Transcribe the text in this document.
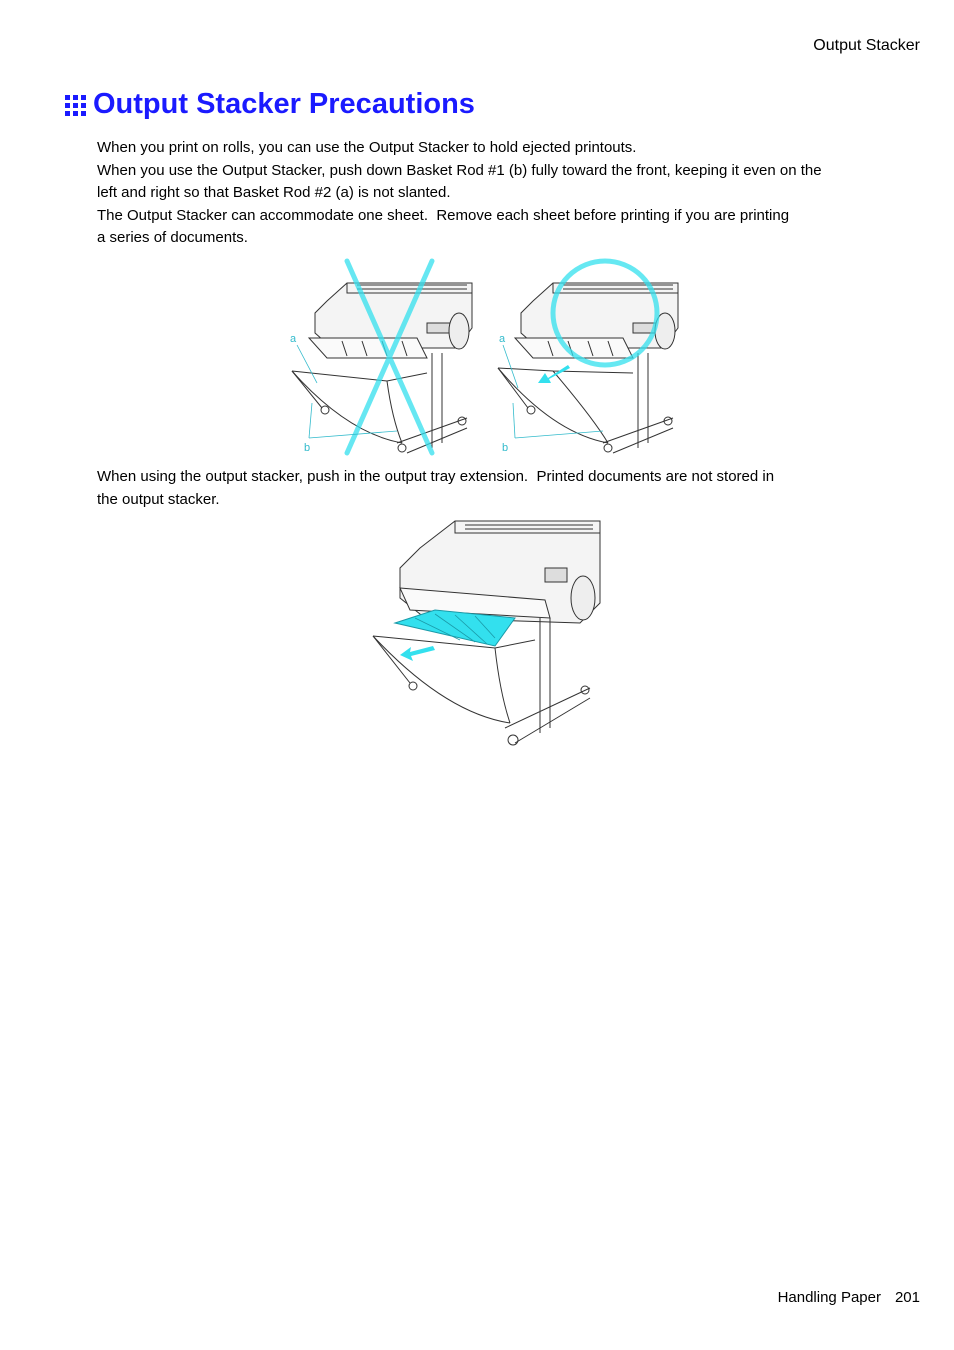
Output Stacker
Output Stacker Precautions
When you print on rolls, you can use the Output Stacker to hold ejected printouts.
When you use the Output Stacker, push down Basket Rod #1 (b) fully toward the front, keeping it even on the
left and right so that Basket Rod #2 (a) is not slanted.
The Output Stacker can accommodate one sheet.  Remove each sheet before printing if you are printing
a series of documents.
a
b
a
b
When using the output stacker, push in the output tray extension.  Printed documents are not stored in
the output stacker.
Handling Paper 201
